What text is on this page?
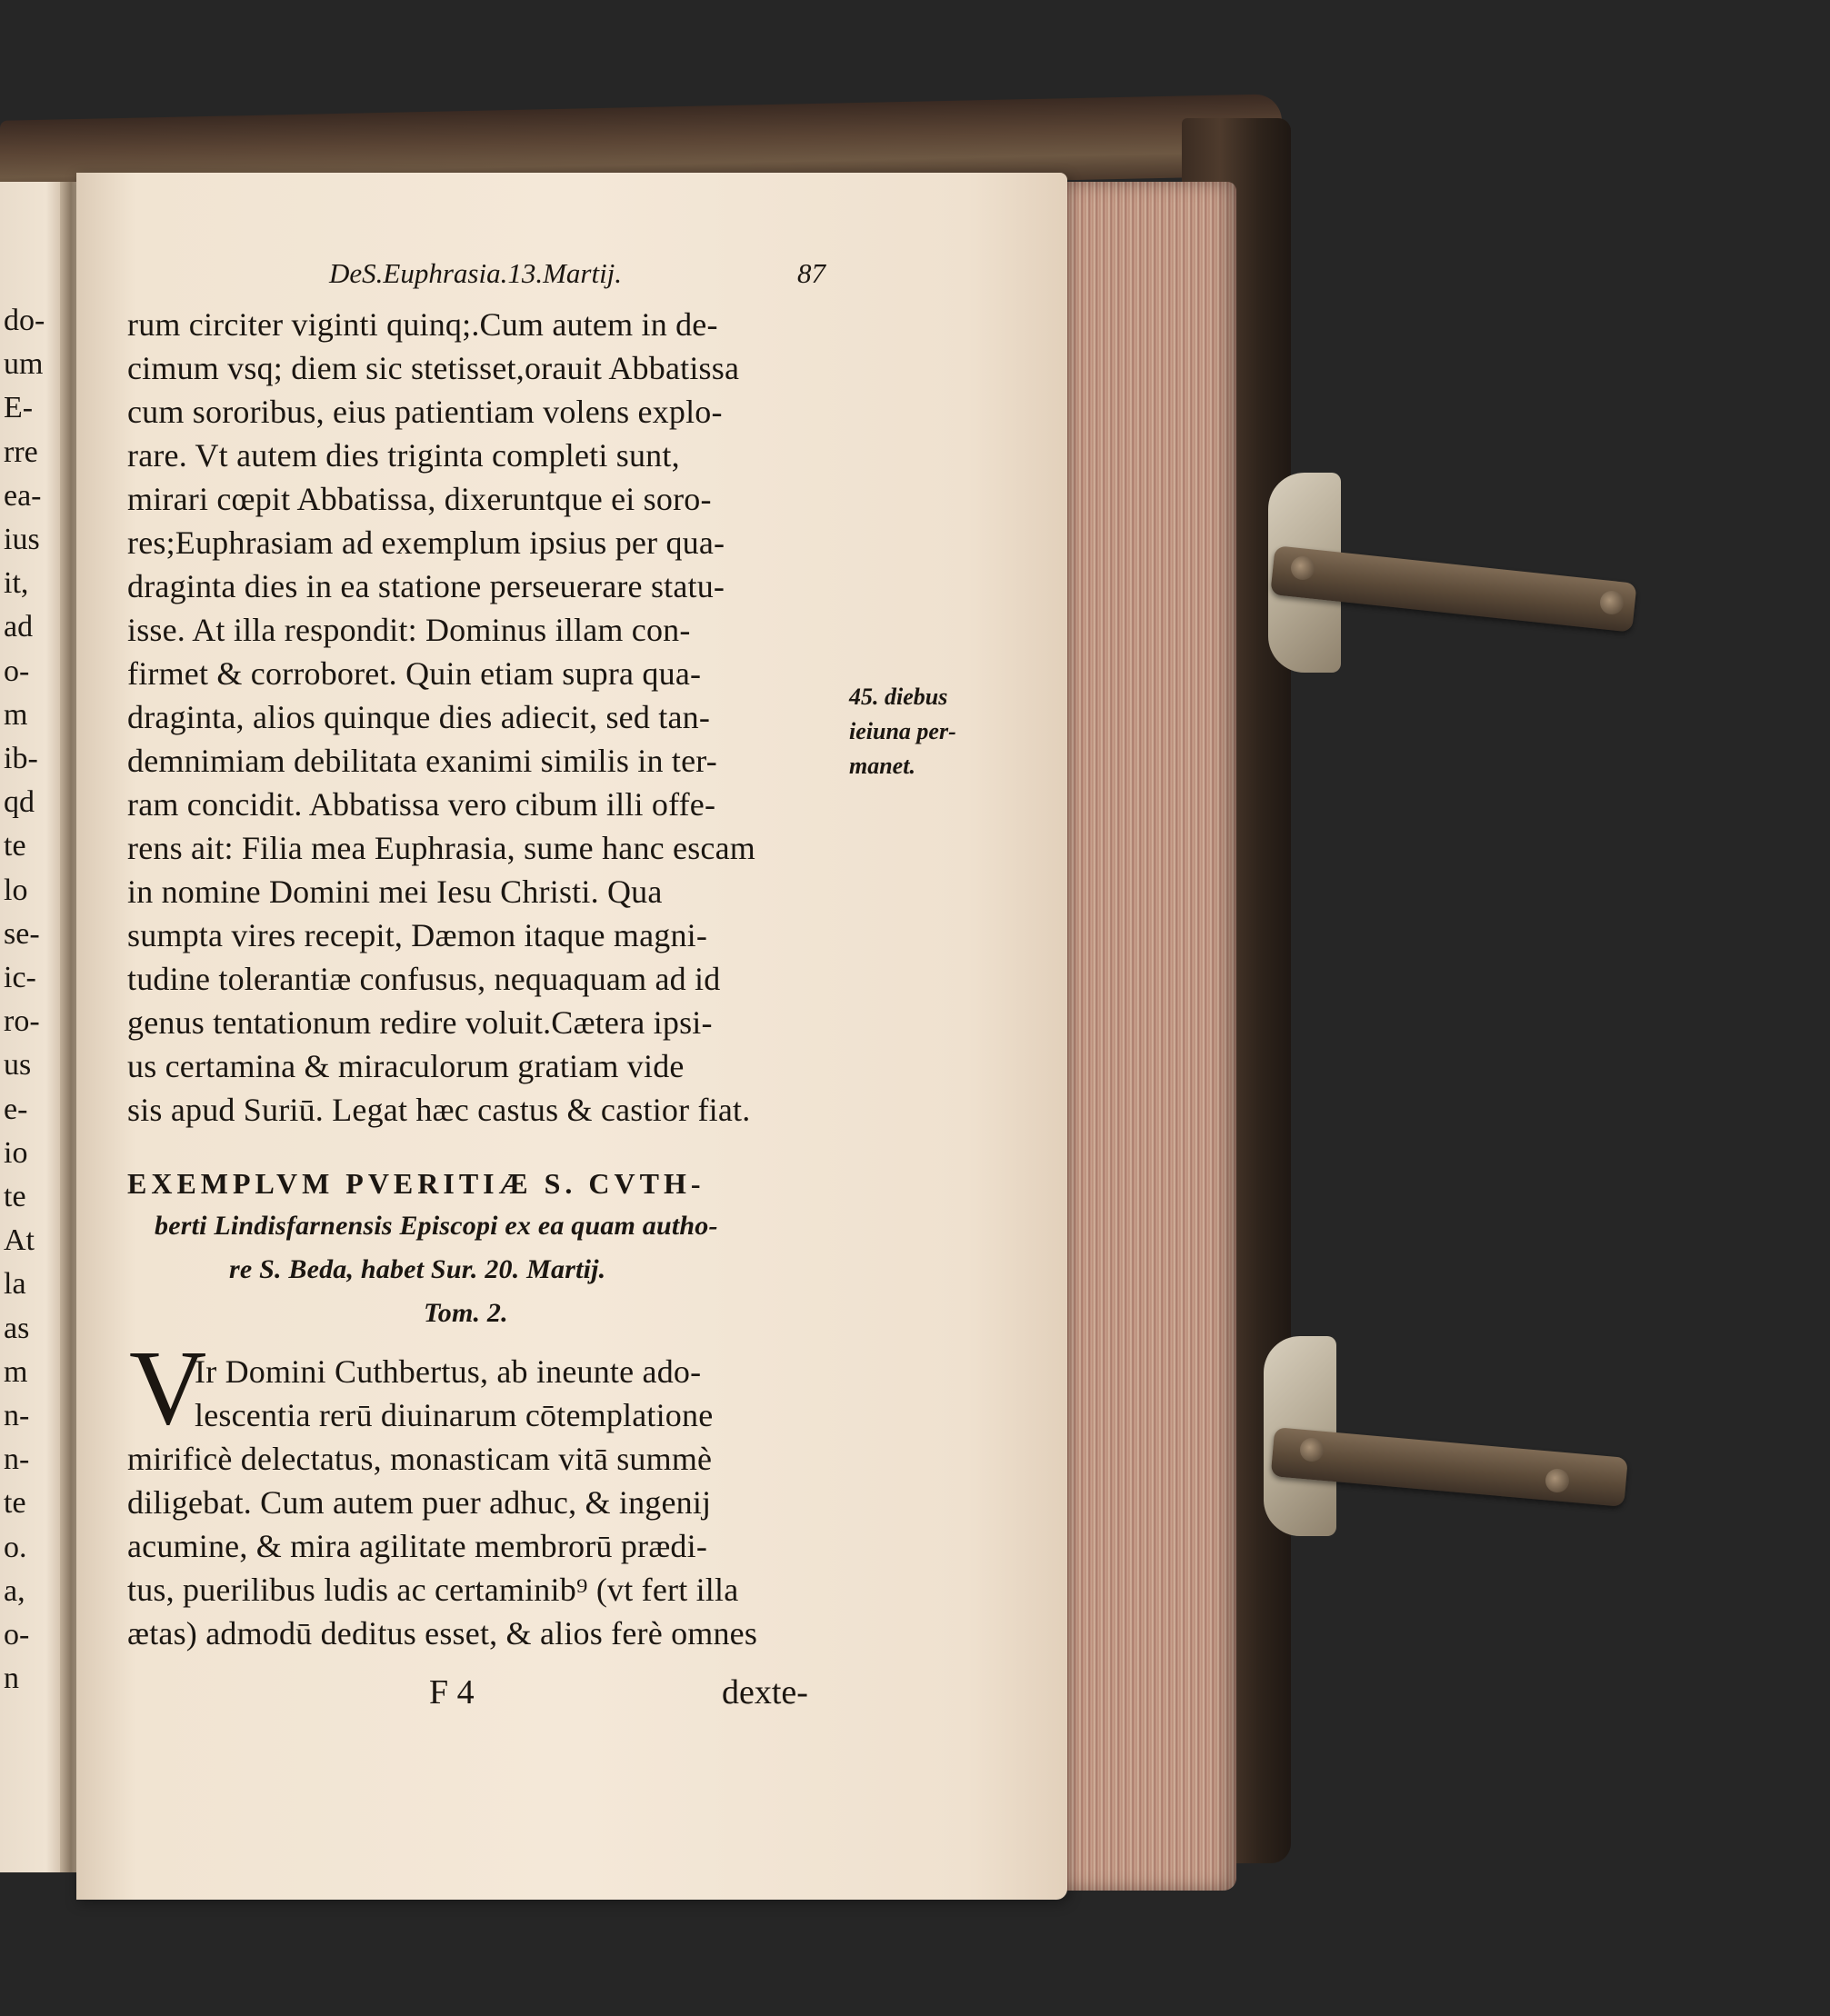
do-
um
E-
rre
ea-
ius
it,
ad
o-
m
ib-
qd
te
lo
se-
ic-
ro-
us
e-
io
te
At
la
as
m
n-
n-
te
o.
a,
o-
n
DeS.Euphrasia.13.Martij.	87
rum circiter viginti quinq;.Cum autem in de-
cimum vsq; diem sic stetisset,orauit Abbatissa
cum sororibus, eius patientiam volens explo-
rare. Vt autem dies triginta completi sunt,
mirari cœpit Abbatissa, dixeruntque ei soro-
res;Euphrasiam ad exemplum ipsius per qua-
draginta dies in ea statione perseuerare statu-
isse. At illa respondit: Dominus illam con-
firmet & corroboret. Quin etiam supra qua-
draginta, alios quinque dies adiecit, sed tan-
demnimiam debilitata exanimi similis in ter-
ram concidit. Abbatissa vero cibum illi offe-
rens ait: Filia mea Euphrasia, sume hanc escam
in nomine Domini mei Iesu Christi. Qua
sumpta vires recepit, Dæmon itaque magni-
tudine tolerantiæ confusus, nequaquam ad id
genus tentationum redire voluit.Cætera ipsi-
us certamina & miraculorum gratiam vide
sis apud Suriū. Legat hæc castus & castior fiat.
EXEMPLVM PVERITIÆ S. CVTH-
berti Lindisfarnensis Episcopi ex ea quam autho-
re S. Beda, habet Sur. 20. Martij.
Tom. 2.
Ir Domini Cuthbertus, ab ineunte ado-
lescentia rerū diuinarum cōtemplatione
mirificè delectatus, monasticam vitā summè
diligebat. Cum autem puer adhuc, & ingenij
acumine, & mira agilitate membrorū prædi-
tus, puerilibus ludis ac certaminib⁹ (vt fert illa
ætas) admodū deditus esset, & alios ferè omnes
V
45. diebus
ieiuna per-
manet.
F 4	dexte-
